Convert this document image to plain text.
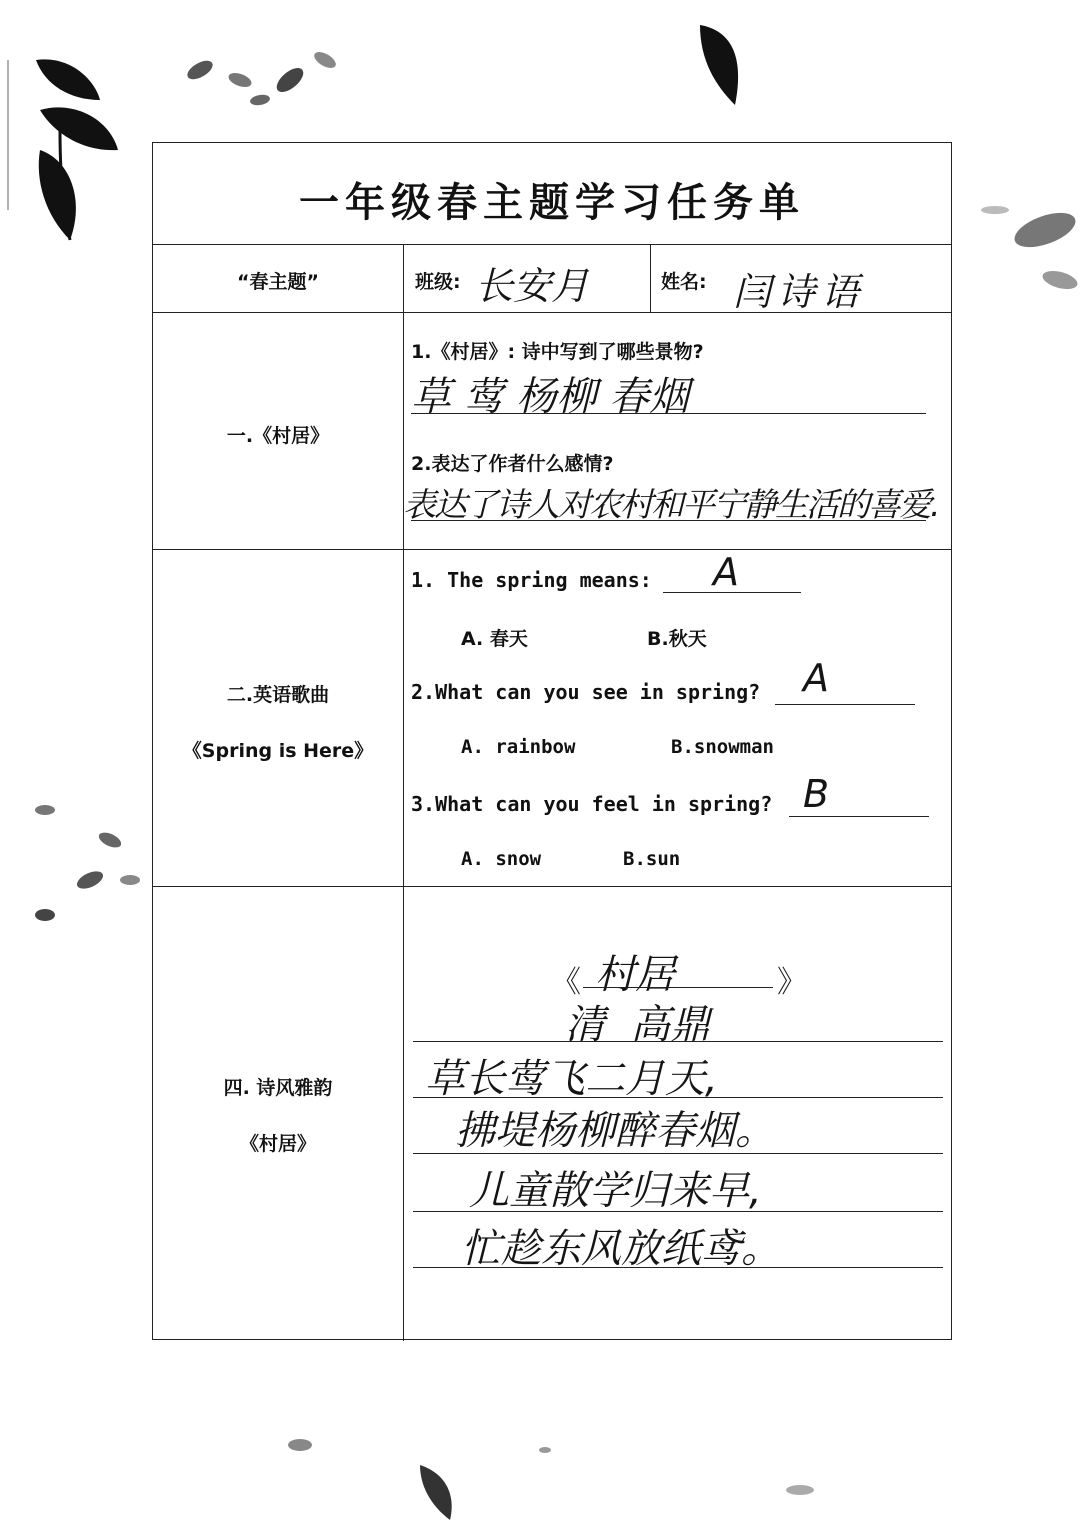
一年级春主题学习任务单
“春主题”	班级: 长安月	姓名: 闫诗语
一.《村居》
1.《村居》: 诗中写到了哪些景物?
草 莺 杨柳 春烟
2.表达了作者什么感情?
表达了诗人对农村和平宁静生活的喜爱.
二.英语歌曲
《Spring is Here》
1. The spring means: A
A. 春天	B.秋天
2.What can you see in spring? A
A. rainbow	B.snowman
3.What can you feel in spring? B
A. snow	B.sun
四. 诗风雅韵
《村居》
《 村居	》
清  高鼎
草长莺飞二月天,
拂堤杨柳醉春烟。
儿童散学归来早,
忙趁东风放纸鸢。
